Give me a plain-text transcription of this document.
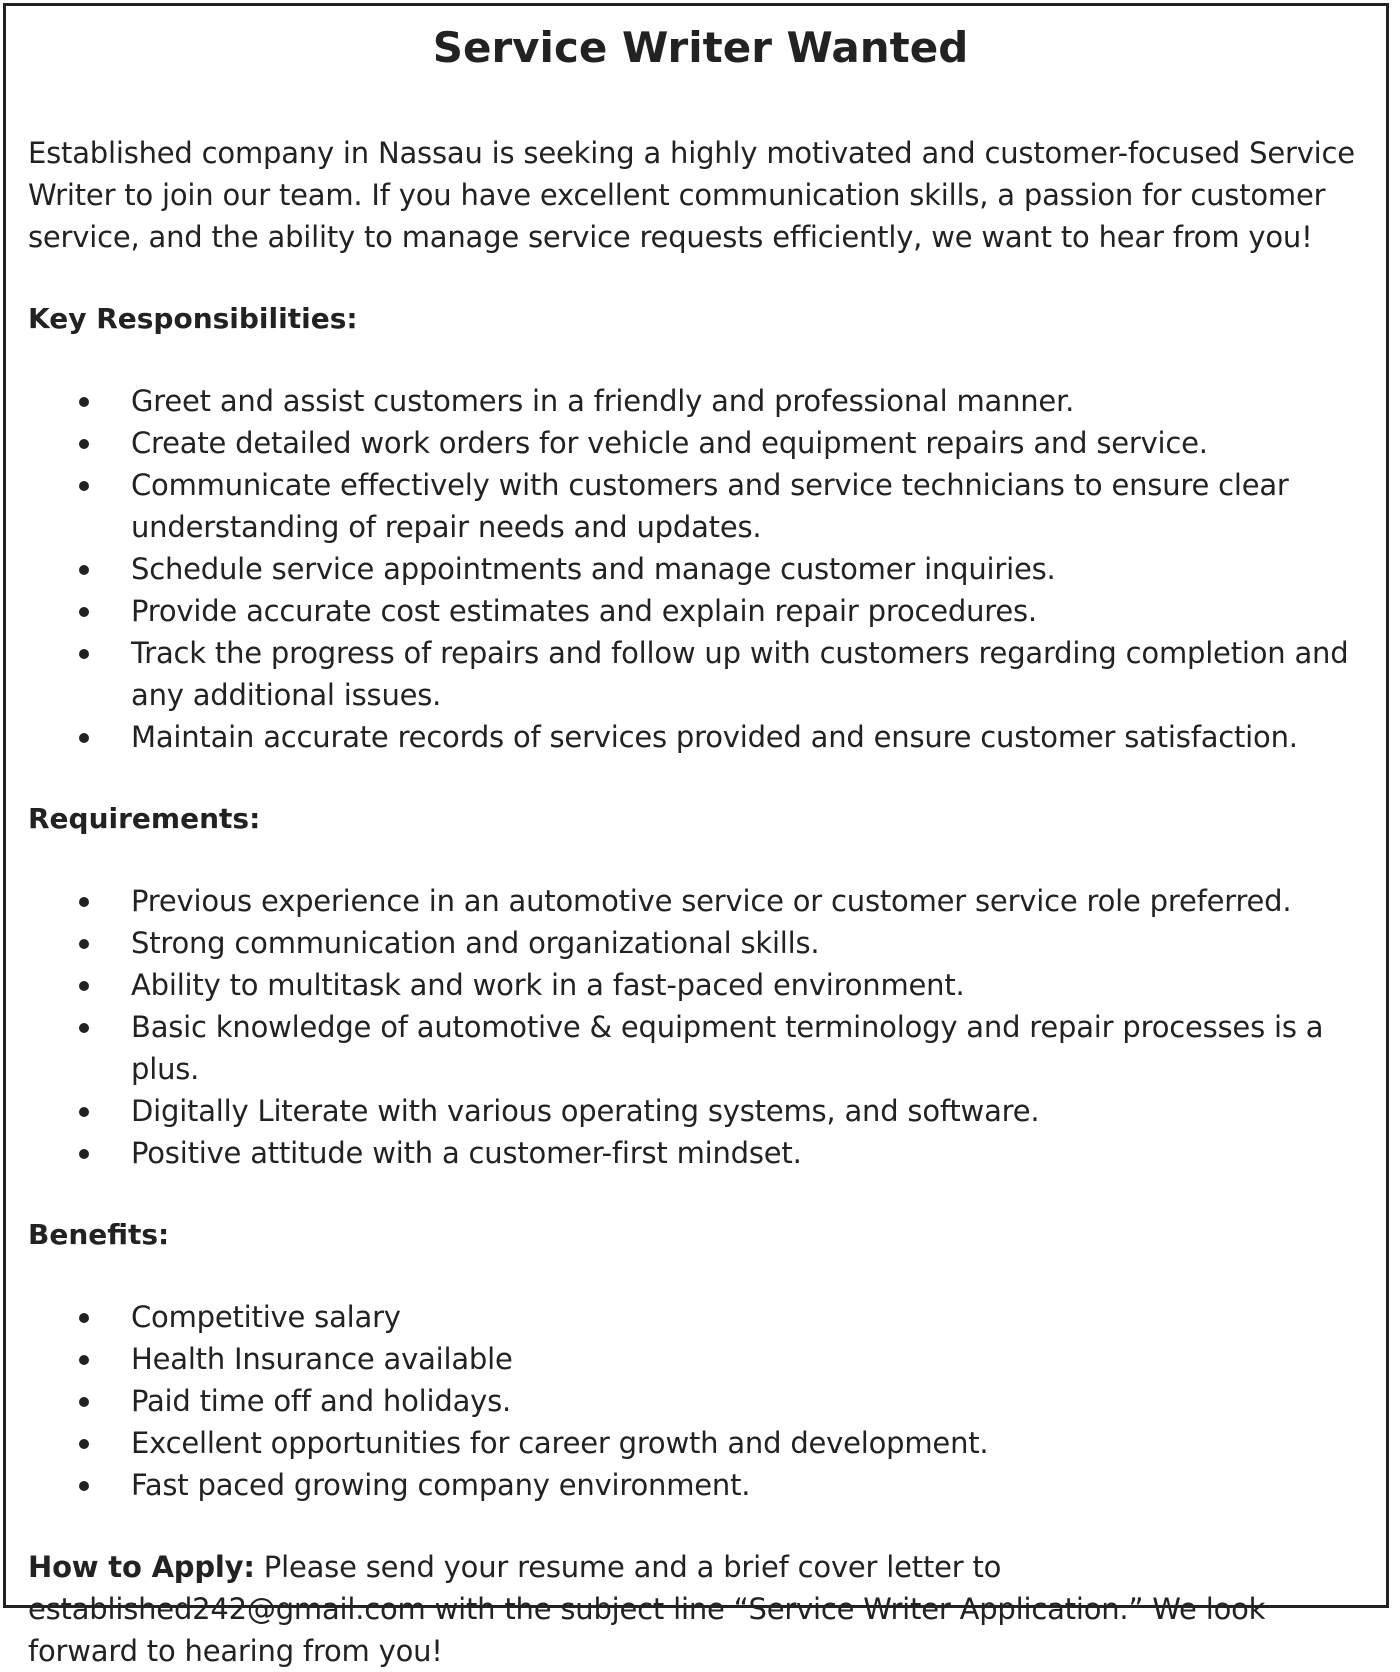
Service Writer Wanted

Established company in Nassau is seeking a highly motivated and customer-focused Service Writer to join our team. If you have excellent communication skills, a passion for customer service, and the ability to manage service requests efficiently, we want to hear from you!

Key Responsibilities:
Greet and assist customers in a friendly and professional manner.
Create detailed work orders for vehicle and equipment repairs and service.
Communicate effectively with customers and service technicians to ensure clear understanding of repair needs and updates.
Schedule service appointments and manage customer inquiries.
Provide accurate cost estimates and explain repair procedures.
Track the progress of repairs and follow up with customers regarding completion and any additional issues.
Maintain accurate records of services provided and ensure customer satisfaction.
Requirements:
Previous experience in an automotive service or customer service role preferred.
Strong communication and organizational skills.
Ability to multitask and work in a fast-paced environment.
Basic knowledge of automotive & equipment terminology and repair processes is a plus.
Digitally Literate with various operating systems, and software.
Positive attitude with a customer-first mindset.
Benefits:
Competitive salary
Health Insurance available
Paid time off and holidays.
Excellent opportunities for career growth and development.
Fast paced growing company environment.

How to Apply: Please send your resume and a brief cover letter to established242@gmail.com with the subject line “Service Writer Application.” We look forward to hearing from you!
